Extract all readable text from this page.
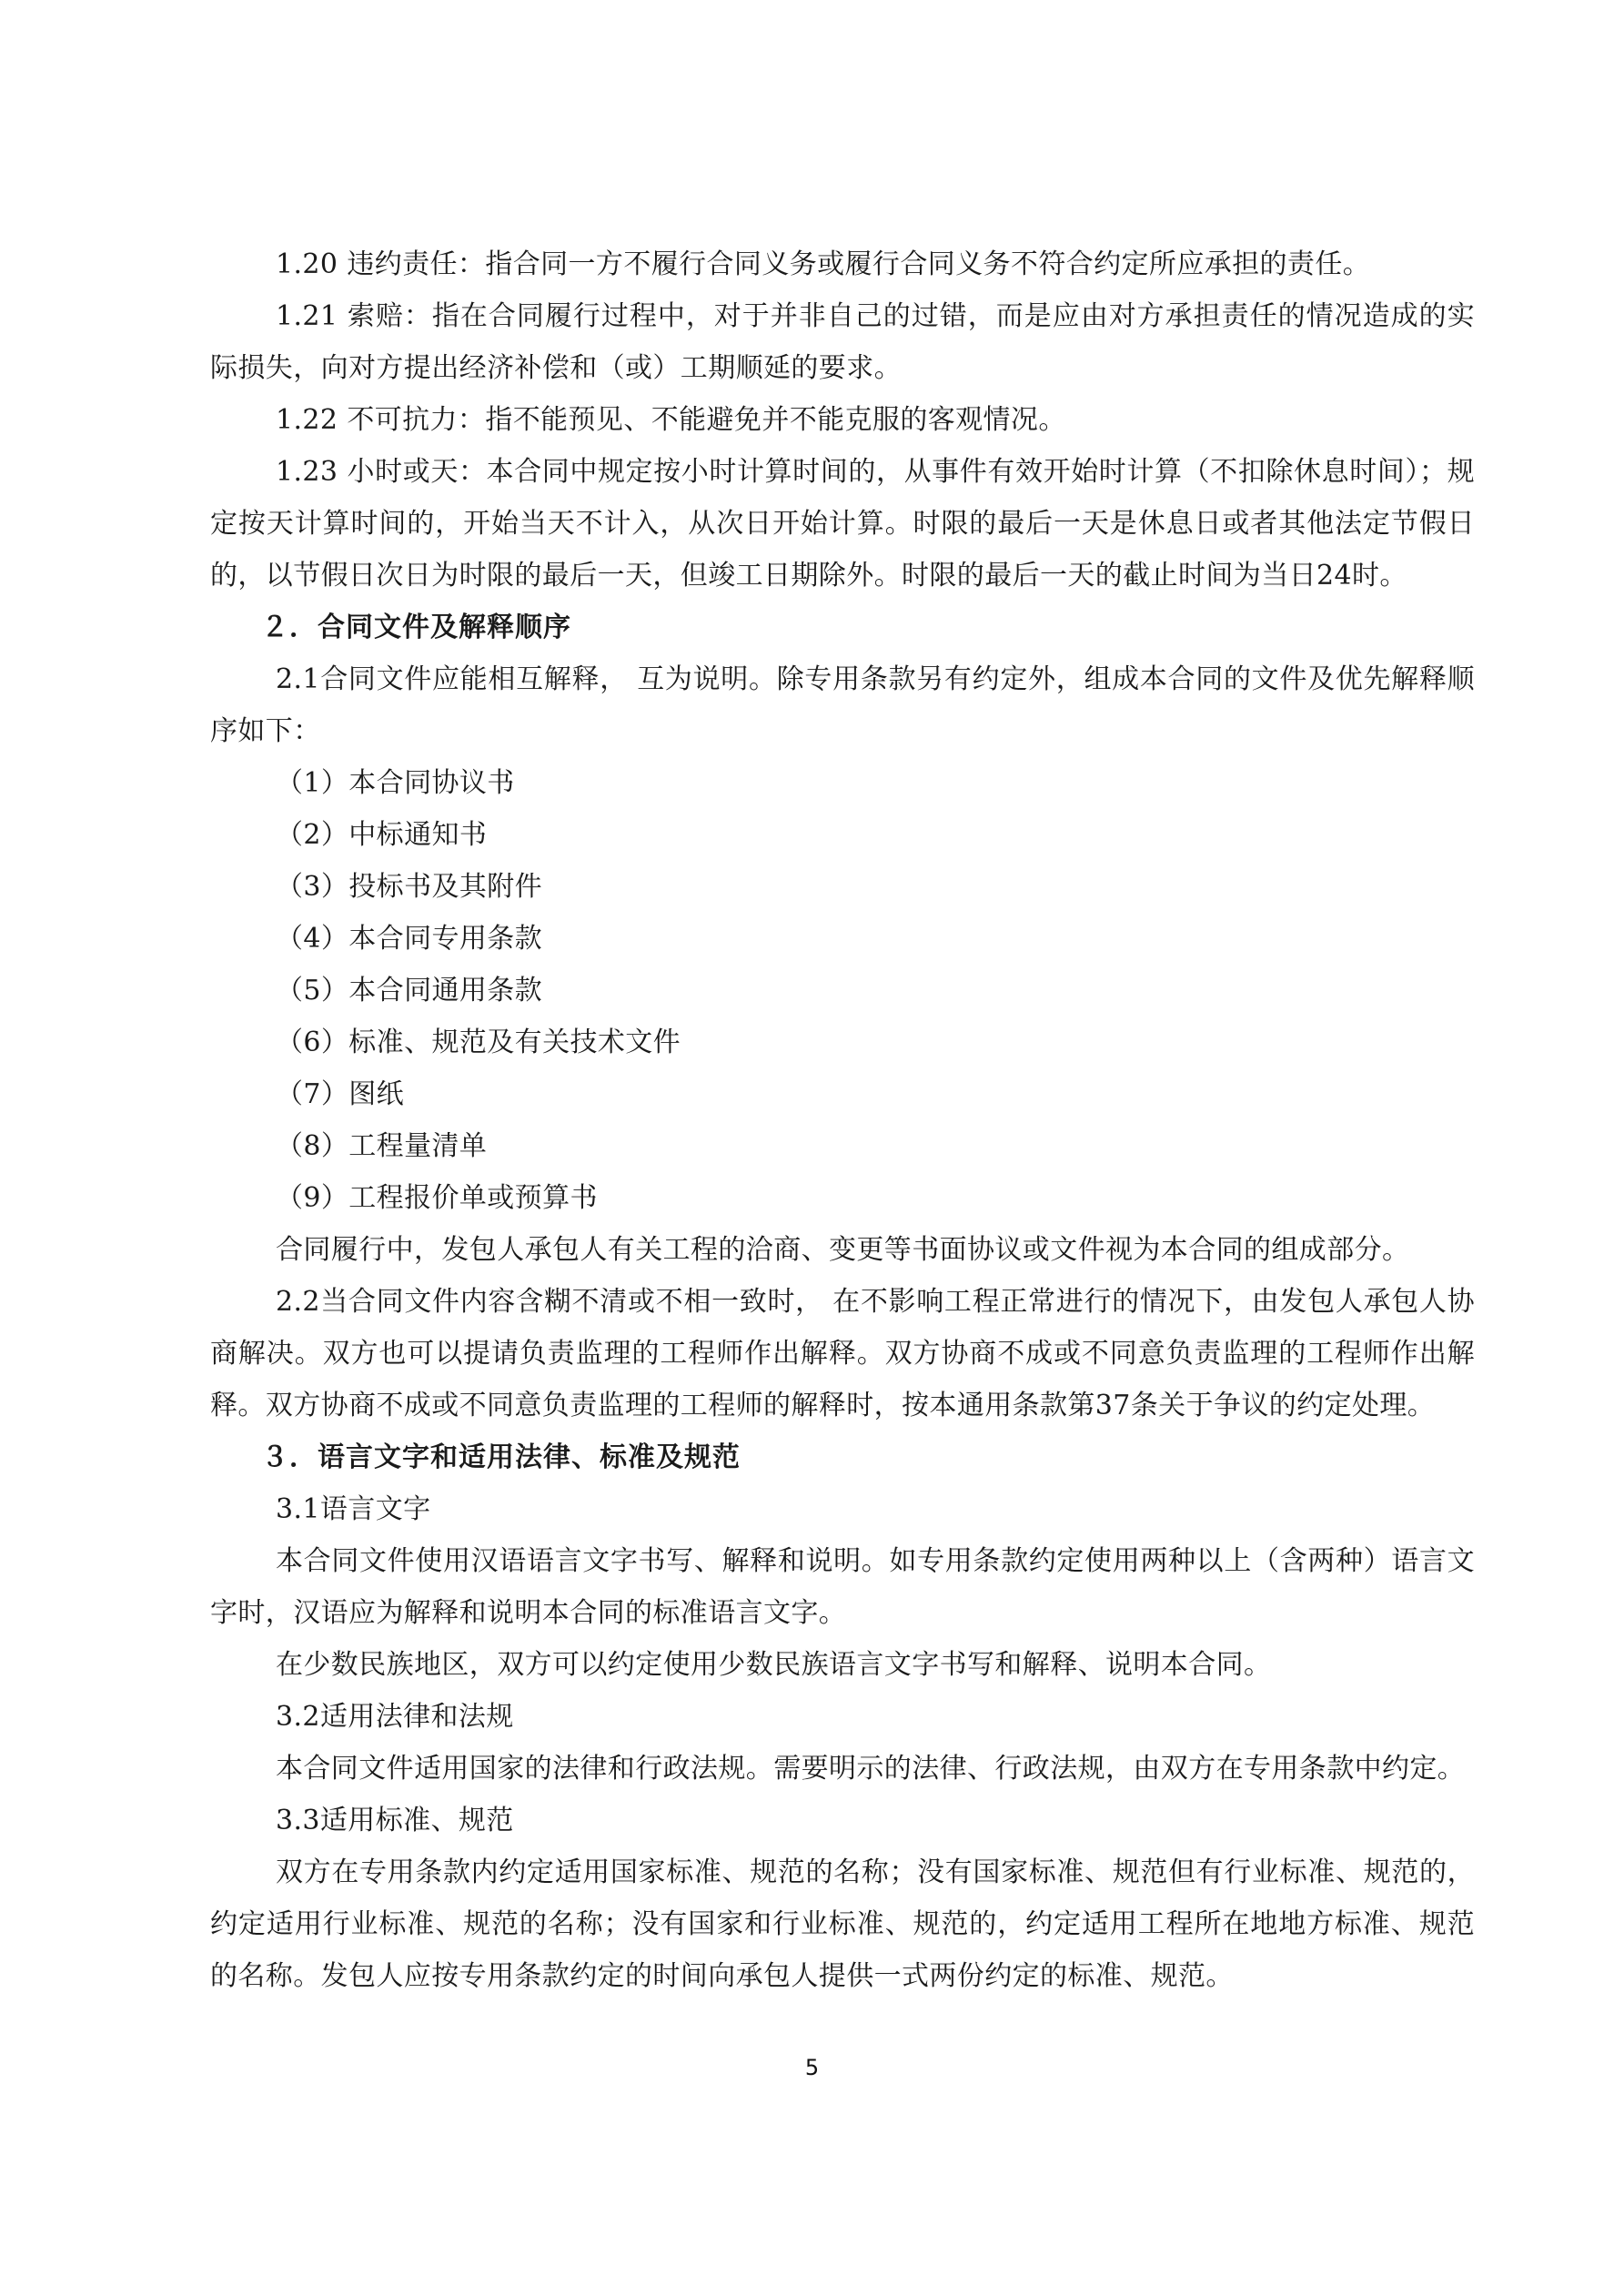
1.20 违约责任：指合同一方不履行合同义务或履行合同义务不符合约定所应承担的责任。

1.21 索赔：指在合同履行过程中，对于并非自己的过错，而是应由对方承担责任的情况造成的实际损失，向对方提出经济补偿和（或）工期顺延的要求。

1.22 不可抗力：指不能预见、不能避免并不能克服的客观情况。

1.23 小时或天：本合同中规定按小时计算时间的，从事件有效开始时计算（不扣除休息时间）；规定按天计算时间的，开始当天不计入，从次日开始计算。时限的最后一天是休息日或者其他法定节假日的，以节假日次日为时限的最后一天，但竣工日期除外。时限的最后一天的截止时间为当日24时。

２．合同文件及解释顺序

2.1合同文件应能相互解释， 互为说明。除专用条款另有约定外，组成本合同的文件及优先解释顺序如下：

（1）本合同协议书

（2）中标通知书

（3）投标书及其附件

（4）本合同专用条款

（5）本合同通用条款

（6）标准、规范及有关技术文件

（7）图纸

（8）工程量清单

（9）工程报价单或预算书

合同履行中，发包人承包人有关工程的洽商、变更等书面协议或文件视为本合同的组成部分。

2.2当合同文件内容含糊不清或不相一致时， 在不影响工程正常进行的情况下，由发包人承包人协商解决。双方也可以提请负责监理的工程师作出解释。双方协商不成或不同意负责监理的工程师作出解释。双方协商不成或不同意负责监理的工程师的解释时，按本通用条款第37条关于争议的约定处理。

３．语言文字和适用法律、标准及规范

3.1语言文字

本合同文件使用汉语语言文字书写、解释和说明。如专用条款约定使用两种以上（含两种）语言文字时，汉语应为解释和说明本合同的标准语言文字。

在少数民族地区，双方可以约定使用少数民族语言文字书写和解释、说明本合同。

3.2适用法律和法规

本合同文件适用国家的法律和行政法规。需要明示的法律、行政法规，由双方在专用条款中约定。

3.3适用标准、规范

双方在专用条款内约定适用国家标准、规范的名称；没有国家标准、规范但有行业标准、规范的，约定适用行业标准、规范的名称；没有国家和行业标准、规范的，约定适用工程所在地地方标准、规范的名称。发包人应按专用条款约定的时间向承包人提供一式两份约定的标准、规范。

5
